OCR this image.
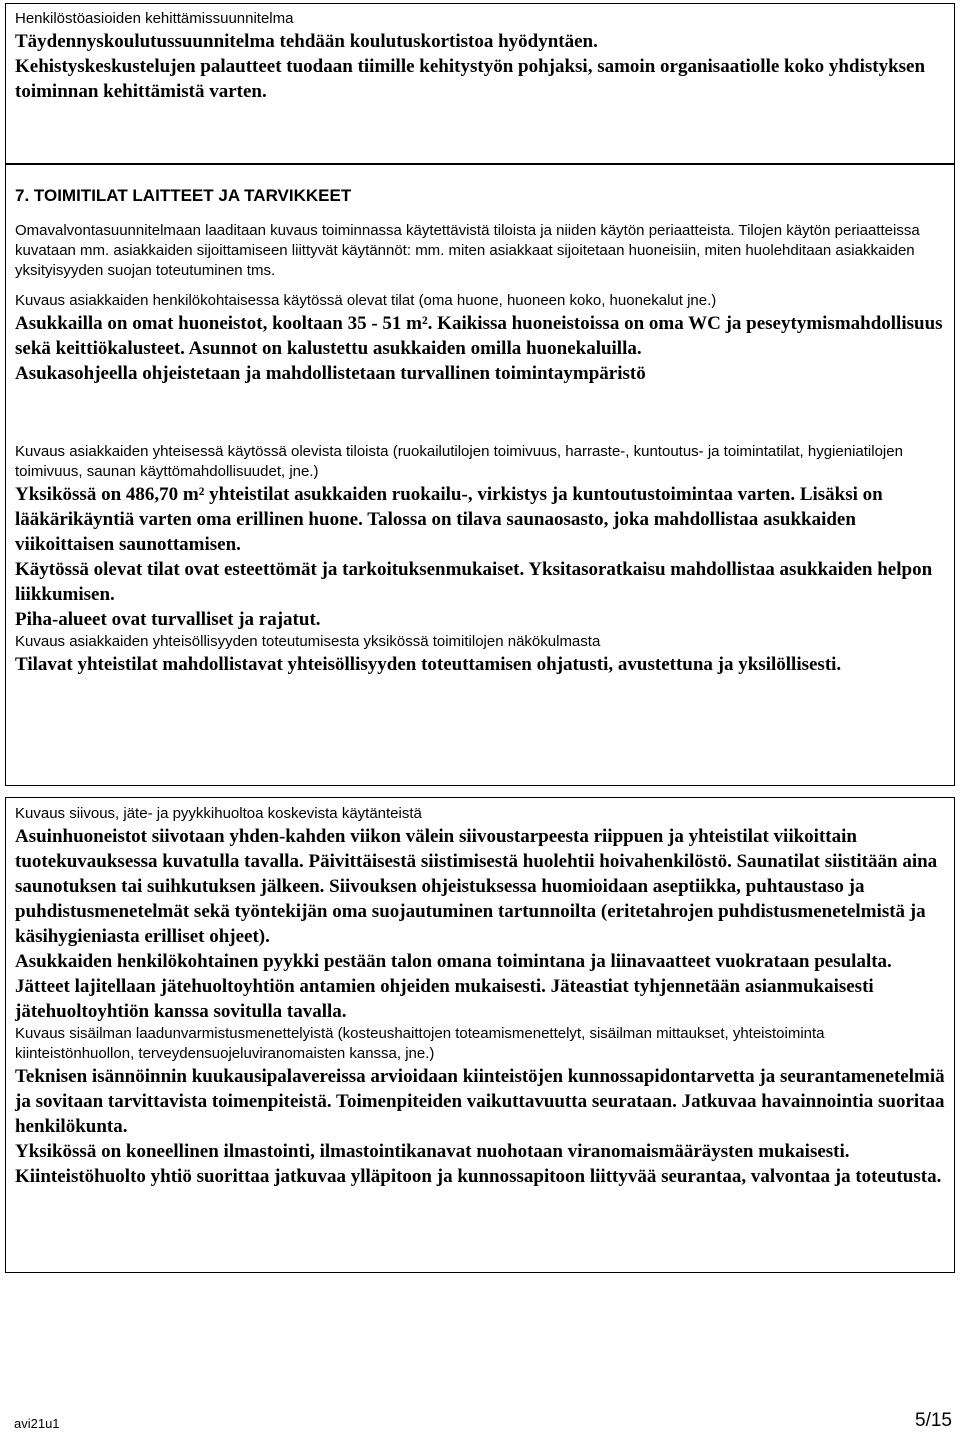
Henkilöstöasioiden kehittämissuunnitelma

Täydennyskoulutussuunnitelma tehdään koulutuskortistoa hyödyntäen.

Kehistyskeskustelujen palautteet tuodaan tiimille kehitystyön pohjaksi, samoin organisaatiolle koko yhdistyksen toiminnan kehittämistä varten.

7. TOIMITILAT LAITTEET JA TARVIKKEET

Omavalvontasuunnitelmaan laaditaan kuvaus toiminnassa käytettävistä tiloista ja niiden käytön periaatteista. Tilojen käytön periaatteissa kuvataan mm. asiakkaiden sijoittamiseen liittyvät käytännöt: mm. miten asiakkaat sijoitetaan huoneisiin, miten huolehditaan asiakkaiden yksityisyyden suojan toteutuminen tms.

Kuvaus asiakkaiden henkilökohtaisessa käytössä olevat tilat (oma huone, huoneen koko, huonekalut jne.)

Asukkailla on omat huoneistot, kooltaan 35 - 51 m². Kaikissa huoneistoissa on oma WC ja peseytymismahdollisuus sekä keittiökalusteet. Asunnot on kalustettu asukkaiden omilla huonekaluilla.

Asukasohjeella ohjeistetaan ja mahdollistetaan turvallinen toimintaympäristö

Kuvaus asiakkaiden yhteisessä käytössä olevista tiloista (ruokailutilojen toimivuus, harraste-, kuntoutus- ja toimintatilat, hygieniatilojen toimivuus, saunan käyttömahdollisuudet, jne.)

Yksikössä on 486,70 m² yhteistilat asukkaiden ruokailu-, virkistys ja kuntoutustoimintaa varten. Lisäksi on lääkärikäyntiä varten oma erillinen huone. Talossa on tilava saunaosasto, joka mahdollistaa asukkaiden viikoittaisen saunottamisen.

Käytössä olevat tilat ovat esteettömät ja tarkoituksenmukaiset. Yksitasoratkaisu mahdollistaa asukkaiden helpon liikkumisen.

Piha-alueet ovat turvalliset ja rajatut.

Kuvaus asiakkaiden yhteisöllisyyden toteutumisesta yksikössä toimitilojen näkökulmasta

Tilavat yhteistilat mahdollistavat yhteisöllisyyden toteuttamisen ohjatusti, avustettuna ja yksilöllisesti.

Kuvaus siivous, jäte- ja pyykkihuoltoa koskevista käytänteistä

Asuinhuoneistot siivotaan yhden-kahden viikon välein siivoustarpeesta riippuen ja yhteistilat viikoittain tuotekuvauksessa kuvatulla tavalla. Päivittäisestä siistimisestä huolehtii hoivahenkilöstö. Saunatilat siistitään aina saunotuksen tai suihkutuksen jälkeen. Siivouksen ohjeistuksessa huomioidaan aseptiikka, puhtaustaso ja puhdistusmenetelmät sekä työntekijän oma suojautuminen tartunnoilta (eritetahrojen puhdistusmenetelmistä ja käsihygieniasta erilliset ohjeet).

Asukkaiden henkilökohtainen pyykki pestään talon omana toimintana ja liinavaatteet vuokrataan pesulalta.

Jätteet lajitellaan jätehuoltoyhtiön antamien ohjeiden mukaisesti. Jäteastiat tyhjennetään asianmukaisesti jätehuoltoyhtiön kanssa sovitulla tavalla.

Kuvaus sisäilman laadunvarmistusmenettelyistä (kosteushaittojen toteamismenettelyt, sisäilman mittaukset, yhteistoiminta kiinteistönhuollon, terveydensuojeluviranomaisten kanssa, jne.)

Teknisen isännöinnin kuukausipalavereissa arvioidaan kiinteistöjen kunnossapidontarvetta ja seurantamenetelmiä ja sovitaan tarvittavista toimenpiteistä. Toimenpiteiden vaikuttavuutta seurataan. Jatkuvaa havainnointia suoritaa henkilökunta.

Yksikössä on koneellinen ilmastointi, ilmastointikanavat nuohotaan viranomaismääräysten mukaisesti. Kiinteistöhuolto yhtiö suorittaa jatkuvaa ylläpitoon ja kunnossapitoon liittyvää seurantaa, valvontaa ja toteutusta.

avi21u1	5/15
